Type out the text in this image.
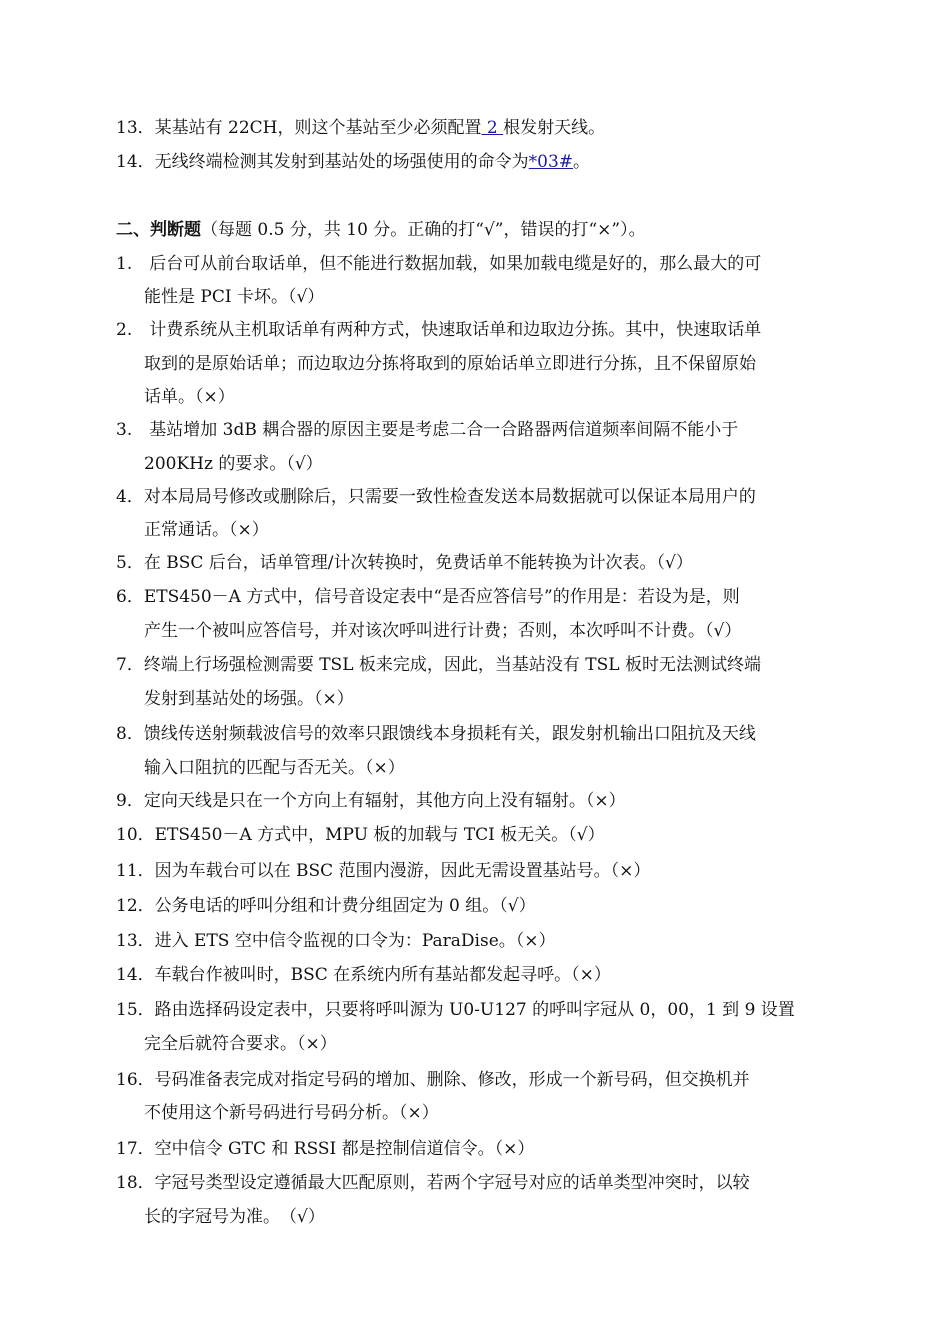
13．某基站有 22CH，则这个基站至少必须配置 2 根发射天线。
14．无线终端检测其发射到基站处的场强使用的命令为*03#。
二、判断题（每题 0.5 分，共 10 分。正确的打“√”，错误的打“×”）。
1.　后台可从前台取话单，但不能进行数据加载，如果加载电缆是好的，那么最大的可
能性是 PCI 卡坏。（√）
2.　计费系统从主机取话单有两种方式，快速取话单和边取边分拣。其中，快速取话单
取到的是原始话单；而边取边分拣将取到的原始话单立即进行分拣，且不保留原始
话单。（×）
3.　基站增加 3dB 耦合器的原因主要是考虑二合一合路器两信道频率间隔不能小于
200KHz 的要求。（√）
4．对本局局号修改或删除后，只需要一致性检查发送本局数据就可以保证本局用户的
正常通话。（×）
5．在 BSC 后台，话单管理/计次转换时，免费话单不能转换为计次表。（√）
6．ETS450－A 方式中，信号音设定表中“是否应答信号”的作用是：若设为是，则
产生一个被叫应答信号，并对该次呼叫进行计费；否则，本次呼叫不计费。（√）
7．终端上行场强检测需要 TSL 板来完成，因此，当基站没有 TSL 板时无法测试终端
发射到基站处的场强。（×）
8．馈线传送射频载波信号的效率只跟馈线本身损耗有关，跟发射机输出口阻抗及天线
输入口阻抗的匹配与否无关。（×）
9．定向天线是只在一个方向上有辐射，其他方向上没有辐射。（×）
10．ETS450－A 方式中，MPU 板的加载与 TCI 板无关。（√）
11．因为车载台可以在 BSC 范围内漫游，因此无需设置基站号。（×）
12．公务电话的呼叫分组和计费分组固定为 0 组。（√）
13．进入 ETS 空中信令监视的口令为：ParaDise。（×）
14．车载台作被叫时，BSC 在系统内所有基站都发起寻呼。（×）
15．路由选择码设定表中，只要将呼叫源为 U0-U127 的呼叫字冠从 0，00，1 到 9 设置
完全后就符合要求。（×）
16．号码准备表完成对指定号码的增加、删除、修改，形成一个新号码，但交换机并
不使用这个新号码进行号码分析。（×）
17．空中信令 GTC 和 RSSI 都是控制信道信令。（×）
18．字冠号类型设定遵循最大匹配原则，若两个字冠号对应的话单类型冲突时，以较
长的字冠号为准。　（√）
